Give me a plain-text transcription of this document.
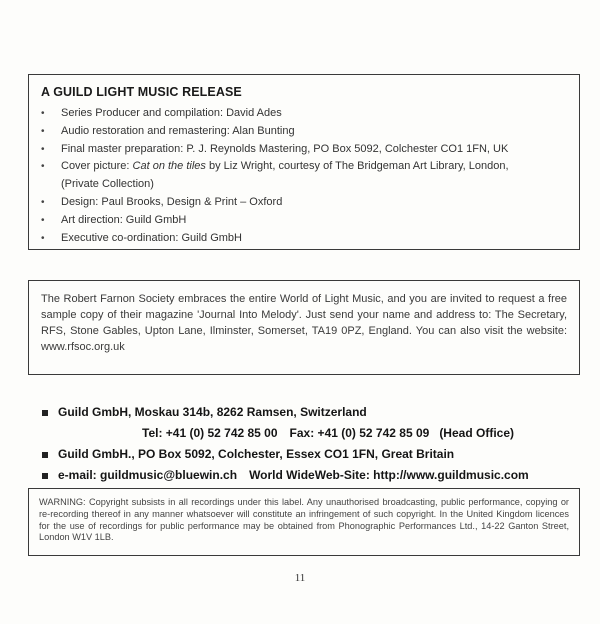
A GUILD LIGHT MUSIC RELEASE
• Series Producer and compilation: David Ades
• Audio restoration and remastering: Alan Bunting
• Final master preparation: P. J. Reynolds Mastering, PO Box 5092, Colchester CO1 1FN, UK
• Cover picture: Cat on the tiles by Liz Wright, courtesy of The Bridgeman Art Library, London,
(Private Collection)
• Design: Paul Brooks, Design & Print – Oxford
• Art direction: Guild GmbH
• Executive co-ordination: Guild GmbH

The Robert Farnon Society embraces the entire World of Light Music, and you are invited to request a free sample copy of their magazine 'Journal Into Melody'. Just send your name and address to: The Secretary, RFS, Stone Gables, Upton Lane, Ilminster, Somerset, TA19 0PZ, England. You can also visit the website: www.rfsoc.org.uk

Guild GmbH, Moskau 314b, 8262 Ramsen, Switzerland
Tel: +41 (0) 52 742 85 00 Fax: +41 (0) 52 742 85 09 (Head Office)
Guild GmbH., PO Box 5092, Colchester, Essex CO1 1FN, Great Britain
e-mail: guildmusic@bluewin.ch World WideWeb-Site: http://www.guildmusic.com

WARNING: Copyright subsists in all recordings under this label. Any unauthorised broadcasting, public performance, copying or re-recording thereof in any manner whatsoever will constitute an infringement of such copyright. In the United Kingdom licences for the use of recordings for public performance may be obtained from Phonographic Performances Ltd., 14-22 Ganton Street, London W1V 1LB.

11
